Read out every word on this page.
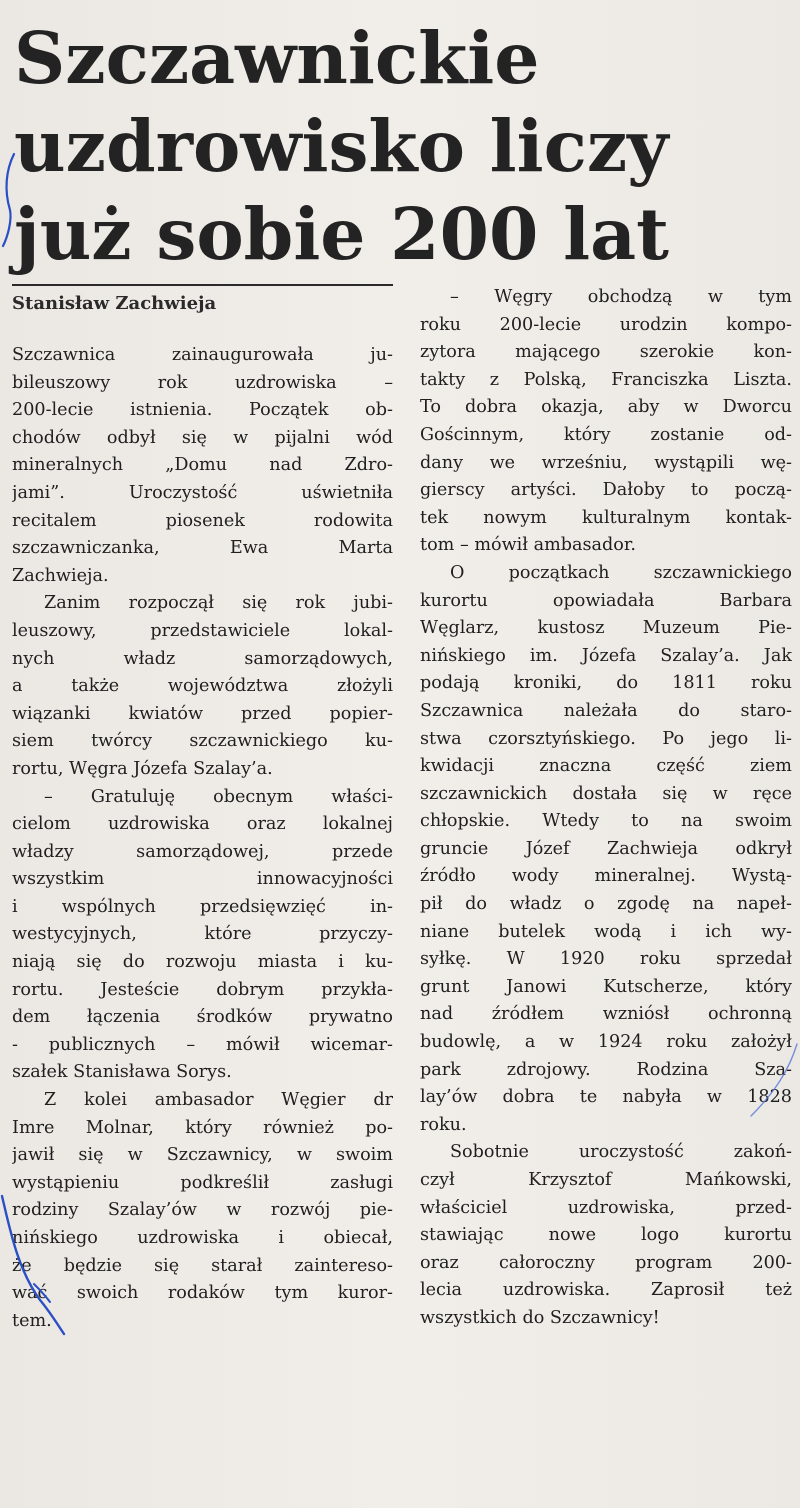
Szczawnickie
uzdrowisko liczy
już sobie 200 lat
Stanisław Zachwieja
Szczawnica zainaugurowała ju-
bileuszowy rok uzdrowiska –
200-lecie istnienia. Początek ob-
chodów odbył się w pijalni wód
mineralnych „Domu nad Zdro-
jami”. Uroczystość uświetniła
recitalem piosenek rodowita
szczawniczanka, Ewa Marta
Zachwieja.
Zanim rozpoczął się rok jubi-
leuszowy, przedstawiciele lokal-
nych władz samorządowych,
a także województwa złożyli
wiązanki kwiatów przed popier-
siem twórcy szczawnickiego ku-
rortu, Węgra Józefa Szalay’a.
– Gratuluję obecnym właści-
cielom uzdrowiska oraz lokalnej
władzy samorządowej, przede
wszystkim innowacyjności
i wspólnych przedsięwzięć in-
westycyjnych, które przyczy-
niają się do rozwoju miasta i ku-
rortu. Jesteście dobrym przykła-
dem łączenia środków prywatno
- publicznych – mówił wicemar-
szałek Stanisława Sorys.
Z kolei ambasador Węgier dr
Imre Molnar, który również po-
jawił się w Szczawnicy, w swoim
wystąpieniu podkreślił zasługi
rodziny Szalay’ów w rozwój pie-
nińskiego uzdrowiska i obiecał,
że będzie się starał zaintereso-
wać swoich rodaków tym kuror-
tem.
– Węgry obchodzą w tym
roku 200-lecie urodzin kompo-
zytora mającego szerokie kon-
takty z Polską, Franciszka Liszta.
To dobra okazja, aby w Dworcu
Gościnnym, który zostanie od-
dany we wrześniu, wystąpili wę-
gierscy artyści. Dałoby to począ-
tek nowym kulturalnym kontak-
tom – mówił ambasador.
O początkach szczawnickiego
kurortu opowiadała Barbara
Węglarz, kustosz Muzeum Pie-
nińskiego im. Józefa Szalay’a. Jak
podają kroniki, do 1811 roku
Szczawnica należała do staro-
stwa czorsztyńskiego. Po jego li-
kwidacji znaczna część ziem
szczawnickich dostała się w ręce
chłopskie. Wtedy to na swoim
gruncie Józef Zachwieja odkrył
źródło wody mineralnej. Wystą-
pił do władz o zgodę na napeł-
niane butelek wodą i ich wy-
syłkę. W 1920 roku sprzedał
grunt Janowi Kutscherze, który
nad źródłem wzniósł ochronną
budowlę, a w 1924 roku założył
park zdrojowy. Rodzina Sza-
lay’ów dobra te nabyła w 1828
roku.
Sobotnie uroczystość zakoń-
czył Krzysztof Mańkowski,
właściciel uzdrowiska, przed-
stawiając nowe logo kurortu
oraz całoroczny program 200-
lecia uzdrowiska. Zaprosił też
wszystkich do Szczawnicy!
